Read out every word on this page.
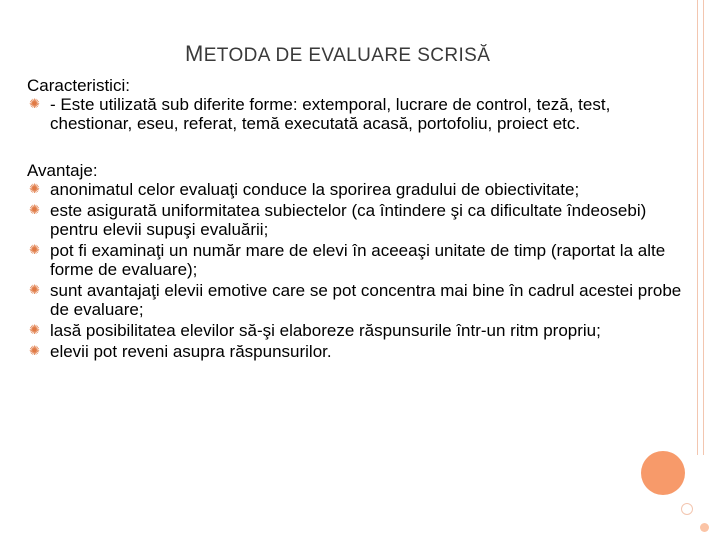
METODA DE EVALUARE SCRISĂ
Caracteristici:
✺ - Este utilizată sub diferite forme: extemporal, lucrare de control, teză, test, chestionar, eseu, referat, temă executată acasă, portofoliu, proiect etc.
Avantaje:
✺ anonimatul celor evaluaţi conduce la sporirea gradului de obiectivitate;
✺ este asigurată uniformitatea subiectelor (ca întindere şi ca dificultate îndeosebi) pentru elevii supuşi evaluării;
✺ pot fi examinaţi un număr mare de elevi în aceeaşi unitate de timp (raportat la alte forme de evaluare);
✺ sunt avantajaţi elevii emotive care se pot concentra mai bine în cadrul acestei probe de evaluare;
✺ lasă posibilitatea elevilor să-şi elaboreze răspunsurile într-un ritm propriu;
✺ elevii pot reveni asupra răspunsurilor.
